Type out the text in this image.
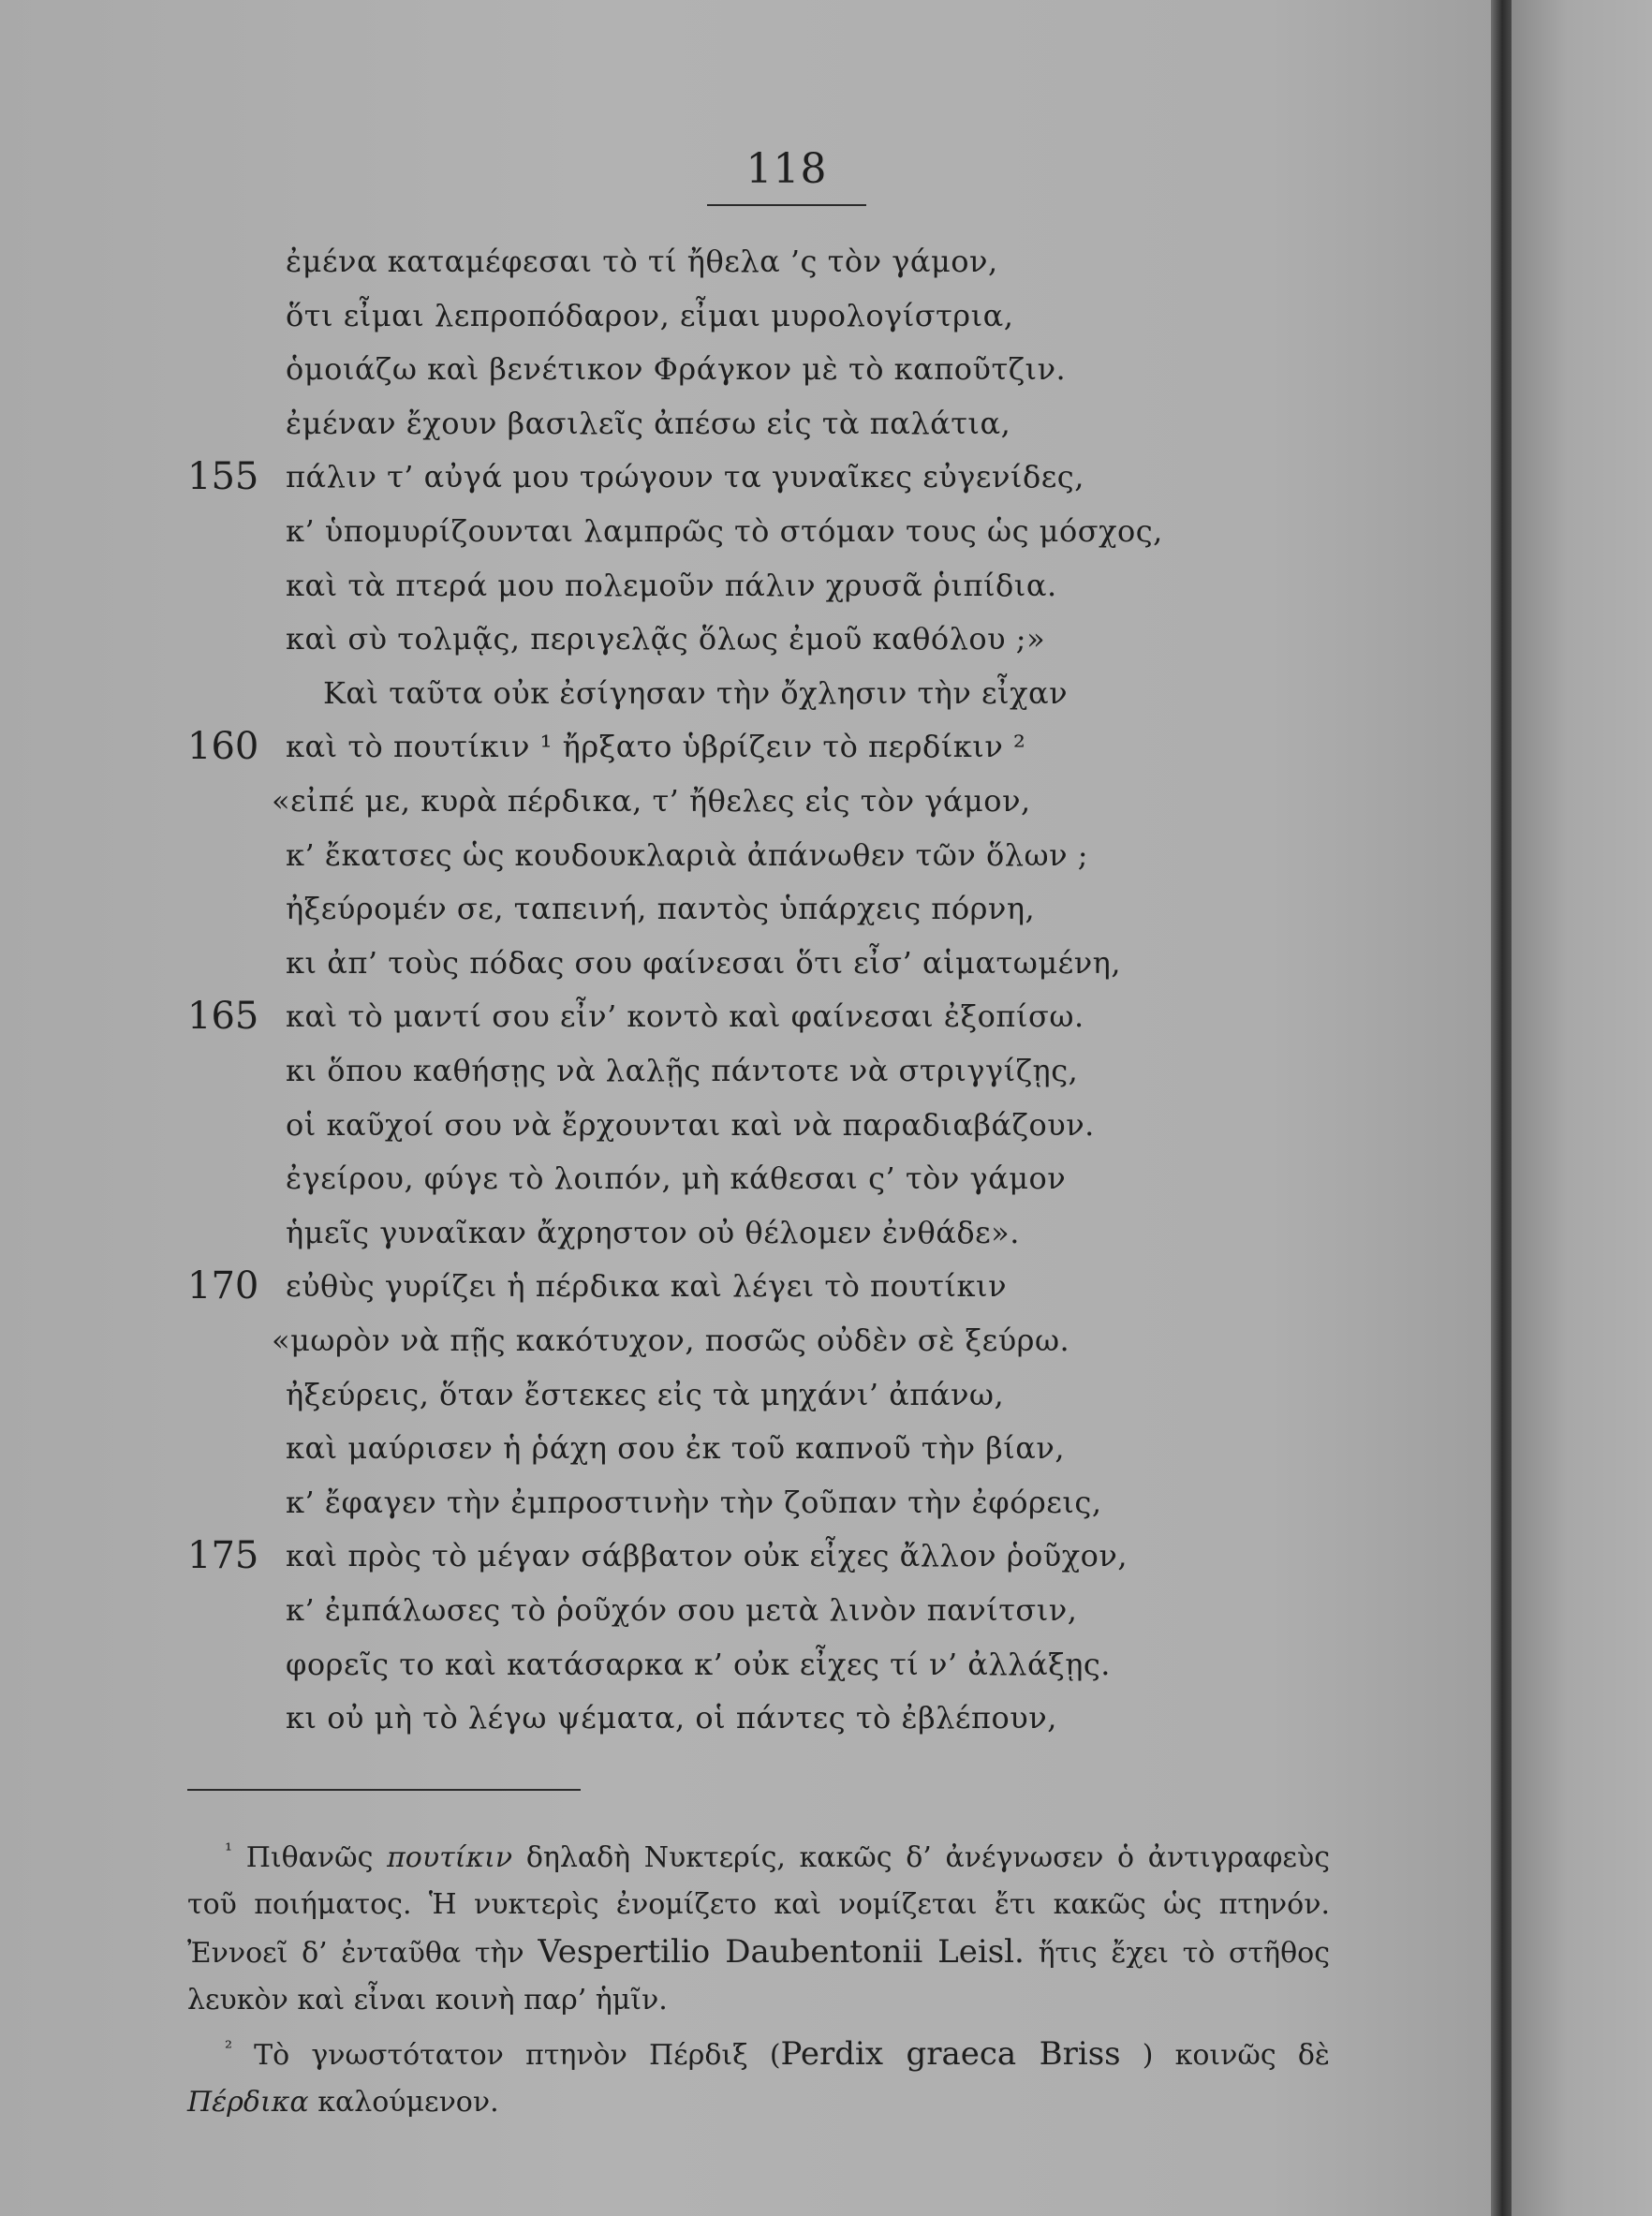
118
ἐμένα καταμέφεσαι τὸ τί ἤθελα ’ς τὸν γάμον,
ὅτι εἶμαι λεπροπόδαρον, εἶμαι μυρολογίστρια,
ὁμοιάζω καὶ βενέτικον Φράγκον μὲ τὸ καποῦτζιν.
ἐμέναν ἔχουν βασιλεῖς ἀπέσω εἰς τὰ παλάτια,
155 πάλιν τ’ αὐγά μου τρώγουν τα γυναῖκες εὐγενίδες,
κ’ ὑπομυρίζουνται λαμπρῶς τὸ στόμαν τους ὡς μόσχος,
καὶ τὰ πτερά μου πολεμοῦν πάλιν χρυσᾶ ῥιπίδια.
καὶ σὺ τολμᾷς, περιγελᾷς ὅλως ἐμοῦ καθόλου ;»
Καὶ ταῦτα οὐκ ἐσίγησαν τὴν ὄχλησιν τὴν εἶχαν
160 καὶ τὸ πουτίκιν ¹ ἤρξατο ὑβρίζειν τὸ περδίκιν ²
«εἰπέ με, κυρὰ πέρδικα, τ’ ἤθελες εἰς τὸν γάμον,
κ’ ἔκατσες ὡς κουδουκλαριὰ ἀπάνωθεν τῶν ὅλων ;
ἠξεύρομέν σε, ταπεινή, παντὸς ὑπάρχεις πόρνη,
κι ἀπ’ τοὺς πόδας σου φαίνεσαι ὅτι εἶσ’ αἱματωμένη,
165 καὶ τὸ μαντί σου εἶν’ κοντὸ καὶ φαίνεσαι ἐξοπίσω.
κι ὅπου καθήσῃς νὰ λαλῇς πάντοτε νὰ στριγγίζῃς,
οἱ καῦχοί σου νὰ ἔρχουνται καὶ νὰ παραδιαβάζουν.
ἐγείρου, φύγε τὸ λοιπόν, μὴ κάθεσαι ς’ τὸν γάμον
ἡμεῖς γυναῖκαν ἄχρηστον οὐ θέλομεν ἐνθάδε».
170 εὐθὺς γυρίζει ἡ πέρδικα καὶ λέγει τὸ πουτίκιν
«μωρὸν νὰ πῇς κακότυχον, ποσῶς οὐδὲν σὲ ξεύρω.
ἠξεύρεις, ὅταν ἔστεκες εἰς τὰ μηχάνι’ ἀπάνω,
καὶ μαύρισεν ἡ ῥάχη σου ἐκ τοῦ καπνοῦ τὴν βίαν,
κ’ ἔφαγεν τὴν ἐμπροστινὴν τὴν ζοῦπαν τὴν ἐφόρεις,
175 καὶ πρὸς τὸ μέγαν σάββατον οὐκ εἶχες ἄλλον ῥοῦχον,
κ’ ἐμπάλωσες τὸ ῥοῦχόν σου μετὰ λινὸν πανίτσιν,
φορεῖς το καὶ κατάσαρκα κ’ οὐκ εἶχες τί ν’ ἀλλάξῃς.
κι οὐ μὴ τὸ λέγω ψέματα, οἱ πάντες τὸ ἐβλέπουν,

$^{^1}$ Πιθανῶς πουτίκιν δηλαδὴ Νυκτερίς, κακῶς δ’ ἀνέγνωσεν ὁ ἀντιγραφεὺς τοῦ ποιήματος. Ἡ νυκτερὶς ἐνομίζετο καὶ νομίζεται ἔτι κακῶς ὡς πτηνόν. Ἐννοεῖ δ’ ἐνταῦθα τὴν Vespertilio Daubentonii Leisl. ἥτις ἔχει τὸ στῆθος λευκὸν καὶ εἶναι κοινὴ παρ’ ἡμῖν.

$^{^2}$ Τὸ γνωστότατον πτηνὸν Πέρδιξ (Perdix graeca Briss ) κοινῶς δὲ Πέρδικα καλούμενον.
